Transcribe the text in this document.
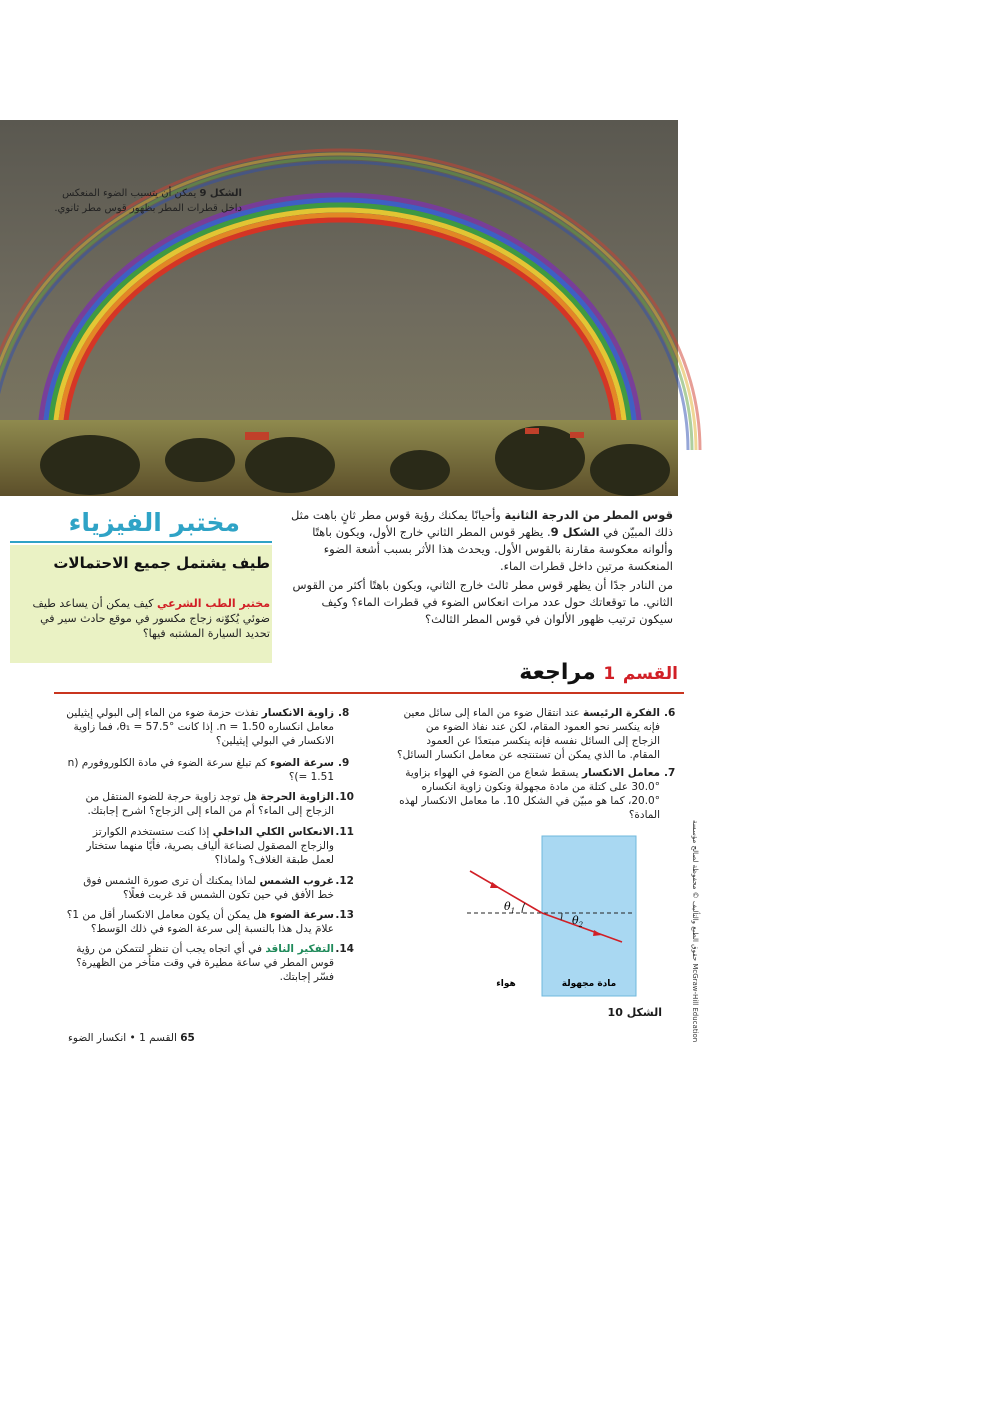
الشكل 9 يمكن أن يتسبب الضوء المنعكس داخل قطرات المطر بظهور قوس مطر ثانوي.

قوس المطر من الدرجة الثانية وأحيانًا يمكنك رؤية قوس مطر ثانٍ باهت مثل ذلك المبيّن في الشكل 9. يظهر قوس المطر الثاني خارج الأول، ويكون باهتًا وألوانه معكوسة مقارنة بالقوس الأول. ويحدث هذا الأثر بسبب أشعة الضوء المنعكسة مرتين داخل قطرات الماء.

من النادر جدًا أن يظهر قوس مطر ثالث خارج الثاني، ويكون باهتًا أكثر من القوس الثاني. ما توقعاتك حول عدد مرات انعكاس الضوء في قطرات الماء؟ وكيف سيكون ترتيب ظهور الألوان في قوس المطر الثالث؟

مختبر الفيزياء
طيف يشتمل جميع الاحتمالات
مختبر الطب الشرعي كيف يمكن أن يساعد طيف ضوئي يُكوّنه زجاج مكسور في موقع حادث سير في تحديد السيارة المشتبه فيها؟
القسم 1 مراجعة
6.
الفكرة الرئيسة عند انتقال ضوء من الماء إلى سائل معين فإنه ينكسر نحو العمود المقام، لكن عند نفاذ الضوء من الزجاج إلى السائل نفسه فإنه ينكسر مبتعدًا عن العمود المقام. ما الذي يمكن أن تستنتجه عن معامل انكسار السائل؟
7.
معامل الانكسار يسقط شعاع من الضوء في الهواء بزاوية °30.0 على كتلة من مادة مجهولة وتكون زاوية انكساره °20.0، كما هو مبيّن في الشكل 10. ما معامل الانكسار لهذه المادة؟
$\theta_1$
$\theta_2$
هواء	مادة مجهولة
الشكل 10
حقوق الطبع والتأليف © محفوظة لصالح مؤسسة McGraw-Hill Education
8.
زاوية الانكسار نفذت حزمة ضوء من الماء إلى البولي إيثيلين معامل انكساره 1.50 = n. إذا كانت θ₁ = 57.5°، فما زاوية الانكسار في البولي إيثيلين؟
9.
سرعة الضوء كم تبلغ سرعة الضوء في مادة الكلوروفورم (n = 1.51)؟
10.
الزاوية الحرجة هل توجد زاوية حرجة للضوء المنتقل من الزجاج إلى الماء؟ أم من الماء إلى الزجاج؟ اشرح إجابتك.
11.
الانعكاس الكلي الداخلي إذا كنت ستستخدم الكوارتز والزجاج المصقول لصناعة ألياف بصرية، فأيًا منهما ستختار لعمل طبقة الغلاف؟ ولماذا؟
12.
غروب الشمس لماذا يمكنك أن ترى صورة الشمس فوق خط الأفق في حين تكون الشمس قد غربت فعلًا؟
13.
سرعة الضوء هل يمكن أن يكون معامل الانكسار أقل من 1؟ علامَ يدل هذا بالنسبة إلى سرعة الضوء في ذلك الوَسط؟
14.
التفكير الناقد في أي اتجاه يجب أن تنظر لتتمكن من رؤية قوس المطر في ساعة مطيرة في وقت متأخر من الظهيرة؟ فسّر إجابتك.
65 القسم 1 • انكسار الضوء
